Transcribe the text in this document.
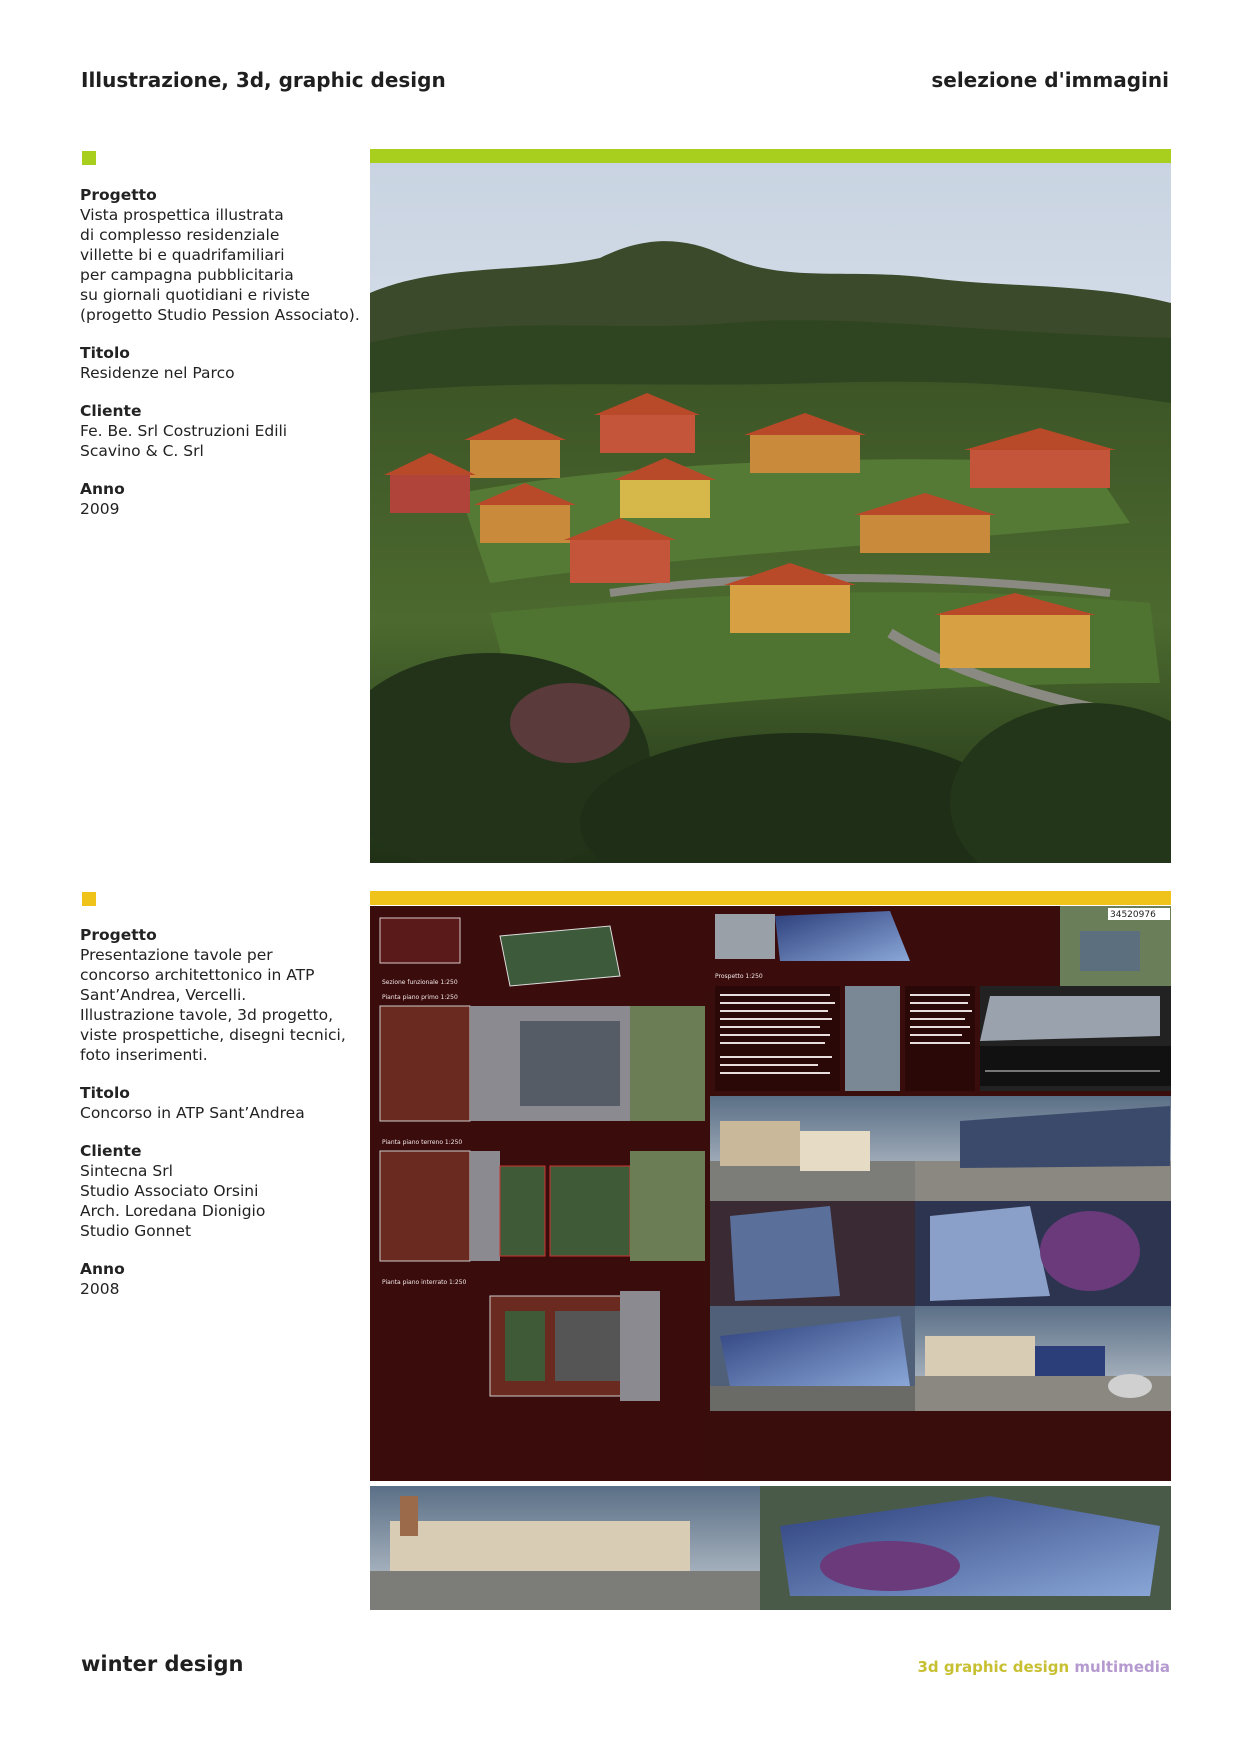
Illustrazione, 3d, graphic design	selezione d'immagini
Progetto
Vista prospettica illustrata
di complesso residenziale
villette bi e quadrifamiliari
per campagna pubblicitaria
su giornali quotidiani e riviste
(progetto Studio Pession Associato).
Titolo
Residenze nel Parco
Cliente
Fe. Be. Srl Costruzioni Edili
Scavino & C. Srl
Anno
2009
Progetto
Presentazione tavole per
concorso architettonico in ATP
Sant’Andrea, Vercelli.
Illustrazione tavole, 3d progetto,
viste prospettiche, disegni tecnici,
foto inserimenti.
Titolo
Concorso in ATP Sant’Andrea
Cliente
Sintecna Srl
Studio Associato Orsini
Arch. Loredana Dionigio
Studio Gonnet
Anno
2008
Sezione funzionale 1:250
Pianta piano primo 1:250
Pianta piano terreno 1:250
Pianta piano interrato 1:250
34520976
Prospetto 1:250
winter design	3d graphic design multimedia
